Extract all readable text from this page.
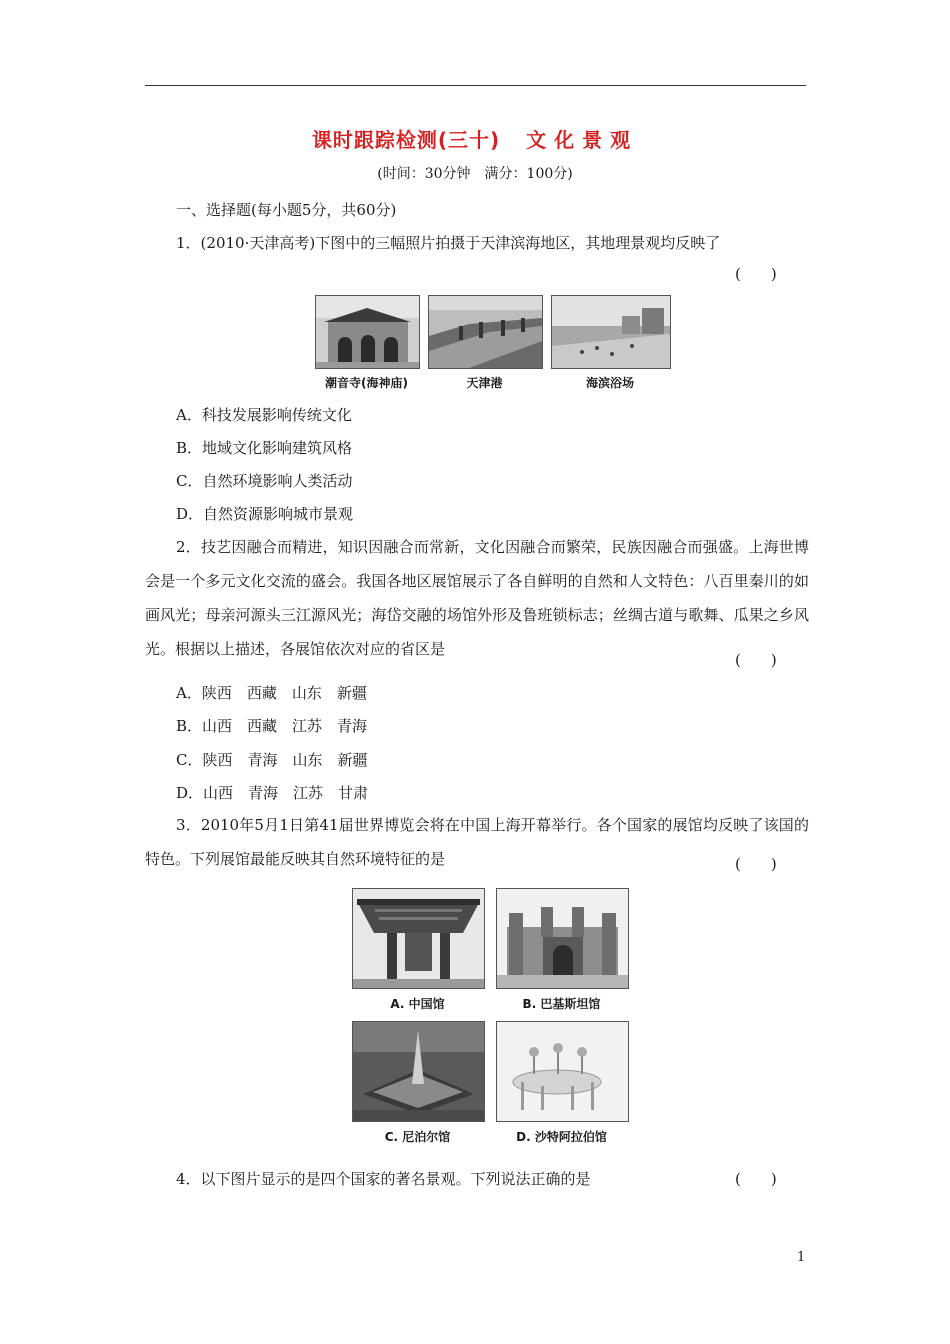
课时跟踪检测(三十) 文化景观
(时间：30分钟　满分：100分)
一、选择题(每小题5分，共60分)
1．(2010·天津高考)下图中的三幅照片拍摄于天津滨海地区，其地理景观均反映了
(　　)
潮音寺(海神庙)	天津港	海滨浴场
A．科技发展影响传统文化
B．地域文化影响建筑风格
C．自然环境影响人类活动
D．自然资源影响城市景观
2．技艺因融合而精进，知识因融合而常新，文化因融合而繁荣，民族因融合而强盛。上海世博会是一个多元文化交流的盛会。我国各地区展馆展示了各自鲜明的自然和人文特色：八百里秦川的如画风光；母亲河源头三江源风光；海岱交融的场馆外形及鲁班锁标志；丝绸古道与歌舞、瓜果之乡风光。根据以上描述，各展馆依次对应的省区是
(　　)
A．陕西　西藏　山东　新疆
B．山西　西藏　江苏　青海
C．陕西　青海　山东　新疆
D．山西　青海　江苏　甘肃
3．2010年5月1日第41届世界博览会将在中国上海开幕举行。各个国家的展馆均反映了该国的特色。下列展馆最能反映其自然环境特征的是	(　　)
A. 中国馆	B. 巴基斯坦馆
C. 尼泊尔馆	D. 沙特阿拉伯馆
4．以下图片显示的是四个国家的著名景观。下列说法正确的是	(　　)
1
